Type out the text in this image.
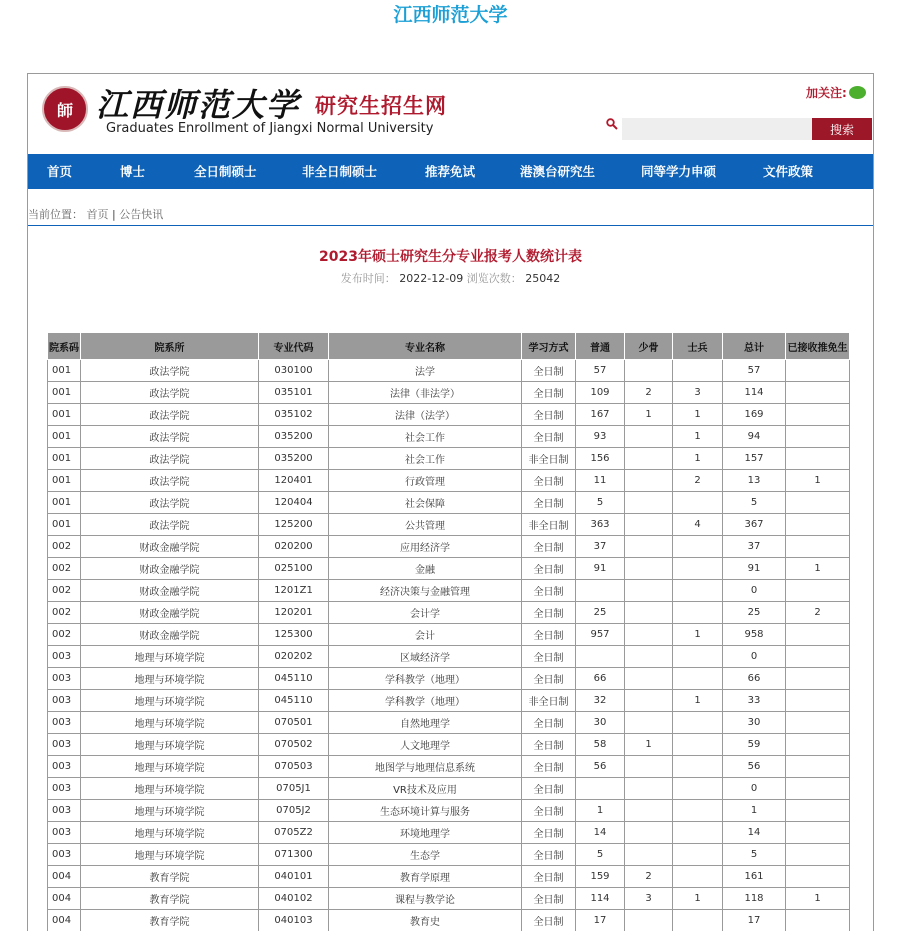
江西师范大学
師 江西师范大学 研究生招生网
Graduates Enrollment of Jiangxi Normal University
加关注:
搜索
首页	博士	全日制硕士	非全日制硕士	推荐免试	港澳台研究生	同等学力申硕	文件政策
当前位置： 首页 | 公告快讯
2023年硕士研究生分专业报考人数统计表
发布时间： 2022-12-09 浏览次数： 25042
院系码	院系所	专业代码	专业名称	学习方式	普通	少骨	士兵	总计	已接收推免生
001	政法学院	030100	法学	全日制	57			57	
001	政法学院	035101	法律（非法学）	全日制	109	2	3	114	
001	政法学院	035102	法律（法学）	全日制	167	1	1	169	
001	政法学院	035200	社会工作	全日制	93		1	94	
001	政法学院	035200	社会工作	非全日制	156		1	157	
001	政法学院	120401	行政管理	全日制	11		2	13	1
001	政法学院	120404	社会保障	全日制	5			5	
001	政法学院	125200	公共管理	非全日制	363		4	367	
002	财政金融学院	020200	应用经济学	全日制	37			37	
002	财政金融学院	025100	金融	全日制	91			91	1
002	财政金融学院	1201Z1	经济决策与金融管理	全日制				0	
002	财政金融学院	120201	会计学	全日制	25			25	2
002	财政金融学院	125300	会计	全日制	957		1	958	
003	地理与环境学院	020202	区域经济学	全日制				0	
003	地理与环境学院	045110	学科教学（地理）	全日制	66			66	
003	地理与环境学院	045110	学科教学（地理）	非全日制	32		1	33	
003	地理与环境学院	070501	自然地理学	全日制	30			30	
003	地理与环境学院	070502	人文地理学	全日制	58	1		59	
003	地理与环境学院	070503	地图学与地理信息系统	全日制	56			56	
003	地理与环境学院	0705J1	VR技术及应用	全日制				0	
003	地理与环境学院	0705J2	生态环境计算与服务	全日制	1			1	
003	地理与环境学院	0705Z2	环境地理学	全日制	14			14	
003	地理与环境学院	071300	生态学	全日制	5			5	
004	教育学院	040101	教育学原理	全日制	159	2		161	
004	教育学院	040102	课程与教学论	全日制	114	3	1	118	1
004	教育学院	040103	教育史	全日制	17			17	
